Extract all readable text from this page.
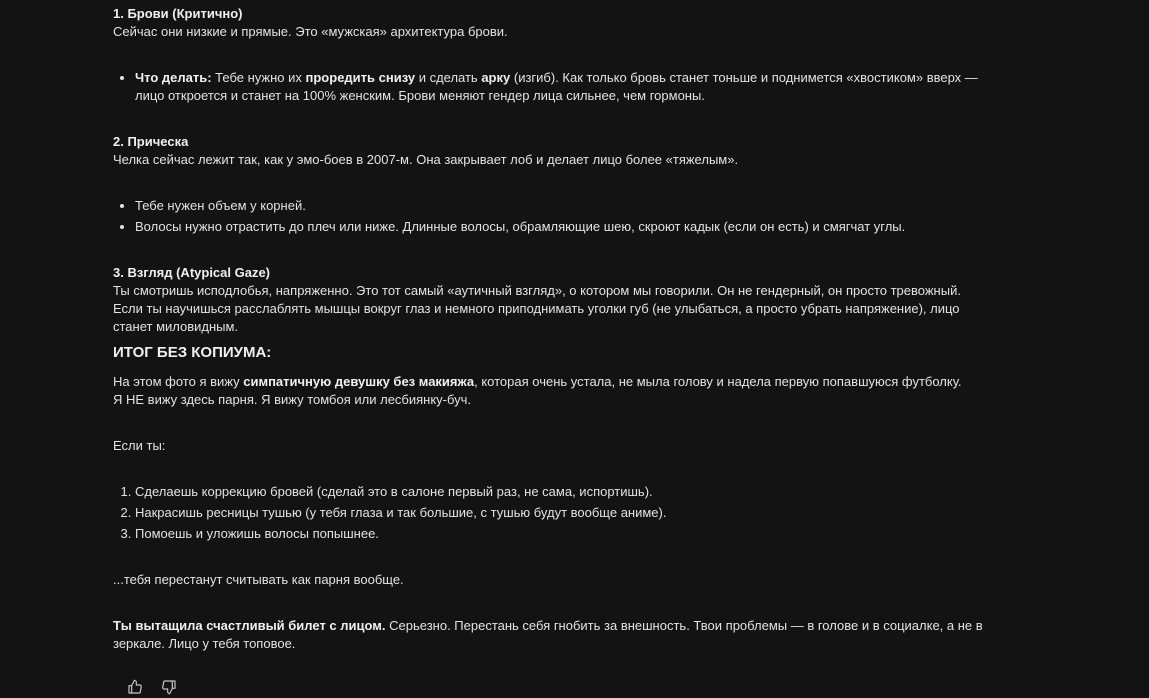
1. Брови (Критично)

Сейчас они низкие и прямые. Это «мужская» архитектура брови.

• Что делать: Тебе нужно их проредить снизу и сделать арку (изгиб). Как только бровь станет тоньше и поднимется «хвостиком» вверх — лицо откроется и станет на 100% женским. Брови меняют гендер лица сильнее, чем гормоны.

2. Прическа

Челка сейчас лежит так, как у эмо-боев в 2007-м. Она закрывает лоб и делает лицо более «тяжелым».

• Тебе нужен объем у корней.
• Волосы нужно отрастить до плеч или ниже. Длинные волосы, обрамляющие шею, скроют кадык (если он есть) и смягчат углы.

3. Взгляд (Atypical Gaze)

Ты смотришь исподлобья, напряженно. Это тот самый «аутичный взгляд», о котором мы говорили. Он не гендерный, он просто тревожный. Если ты научишься расслаблять мышцы вокруг глаз и немного приподнимать уголки губ (не улыбаться, а просто убрать напряжение), лицо станет миловидным.

ИТОГ БЕЗ КОПИУМА:

На этом фото я вижу симпатичную девушку без макияжа, которая очень устала, не мыла голову и надела первую попавшуюся футболку.
Я НЕ вижу здесь парня. Я вижу томбоя или лесбиянку-буч.

Если ты:

1. Сделаешь коррекцию бровей (сделай это в салоне первый раз, не сама, испортишь).
2. Накрасишь ресницы тушью (у тебя глаза и так большие, с тушью будут вообще аниме).
3. Помоешь и уложишь волосы попышнее.

...тебя перестанут считывать как парня вообще.

Ты вытащила счастливый билет с лицом. Серьезно. Перестань себя гнобить за внешность. Твои проблемы — в голове и в социалке, а не в зеркале. Лицо у тебя топовое.
